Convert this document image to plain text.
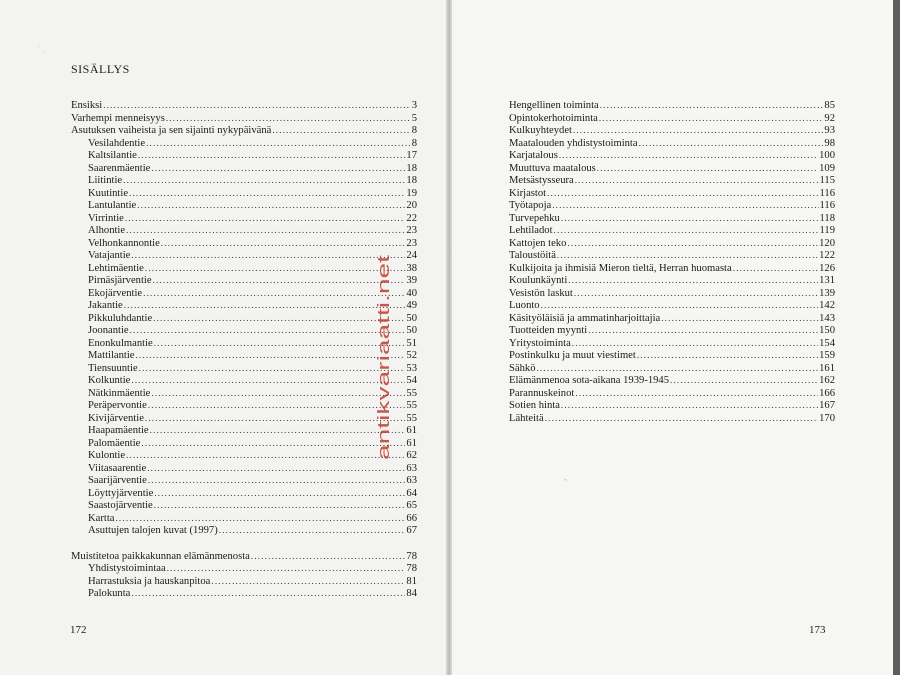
·
·
SISÄLLYS
Ensiksi .....	3
Varhempi menneisyys .....	5
Asutuksen vaiheista ja sen sijainti nykypäivänä .....	8
Vesilahdentie .....	8
Kaltsilantie .....	17
Saarenmäentie .....	18
Liitintie .....	18
Kuutintie .....	19
Lantulantie .....	20
Virrintie .....	22
Alhontie .....	23
Velhonkannontie .....	23
Vatajantie .....	24
Lehtimäentie .....	38
Pirnäsjärventie .....	39
Ekojärventie .....	40
Jakantie .....	49
Pikkuluhdantie .....	50
Joonantie .....	50
Enonkulmantie .....	51
Mattilantie .....	52
Tiensuuntie .....	53
Kolkuntie .....	54
Nätkinmäentie .....	55
Peräpervontie .....	55
Kivijärventie .....	55
Haapamäentie .....	61
Palomäentie .....	61
Kulontie .....	62
Viitasaarentie .....	63
Saarijärventie .....	63
Löyttyjärventie .....	64
Saastojärventie .....	65
Kartta .....	66
Asuttujen talojen kuvat (1997) .....	67
Muistitetoa paikkakunnan elämänmenosta .....	78
Yhdistystoimintaa .....	78
Harrastuksia ja hauskanpitoa .....	81
Palokunta .....	84
172
antikvariaatti.net
~
Hengellinen toiminta .....	85
Opintokerhotoiminta .....	92
Kulkuyhteydet .....	93
Maatalouden yhdistystoiminta .....	98
Karjatalous .....	100
Muuttuva maatalous .....	109
Metsästysseura .....	115
Kirjastot .....	116
Työtapoja .....	116
Turvepehku .....	118
Lehtiladot .....	119
Kattojen teko .....	120
Taloustöitä .....	122
Kulkijoita ja ihmisiä Mieron tieltä, Herran huomasta .....	126
Koulunkäynti .....	131
Vesistön laskut .....	139
Luonto .....	142
Käsityöläisiä ja ammatinharjoittajia .....	143
Tuotteiden myynti .....	150
Yritystoiminta .....	154
Postinkulku ja muut viestimet .....	159
Sähkö .....	161
Elämänmenoa sota-aikana 1939-1945 .....	162
Parannuskeinot .....	166
Sotien hinta .....	167
Lähteitä .....	170
173
